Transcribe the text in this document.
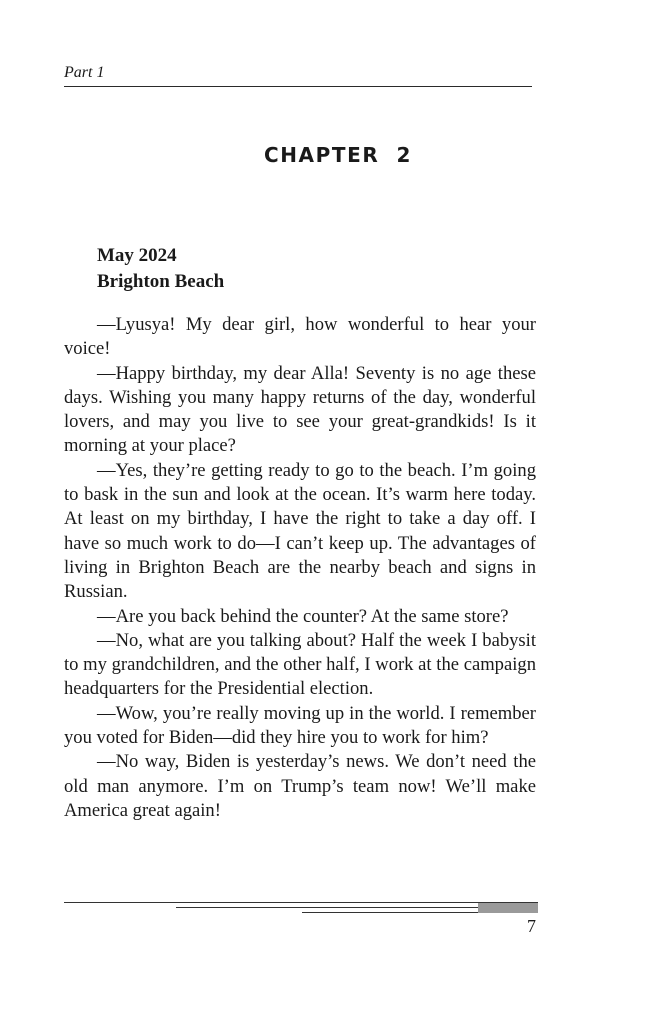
Part 1
CHAPTER  2
May 2024
Brighton Beach

—Lyusya! My dear girl, how wonderful to hear your voice!

—Happy birthday, my dear Alla! Seventy is no age these days. Wishing you many happy returns of the day, wonderful lovers, and may you live to see your great-grandkids! Is it morning at your place?

—Yes, they’re getting ready to go to the beach. I’m going to bask in the sun and look at the ocean. It’s warm here today. At least on my birthday, I have the right to take a day off. I have so much work to do—I can’t keep up. The advantages of living in Brighton Beach are the nearby beach and signs in Russian.

—Are you back behind the counter? At the same store?

—No, what are you talking about? Half the week I babysit to my grandchildren, and the other half, I work at the campaign headquarters for the Presidential election.

—Wow, you’re really moving up in the world. I remember you voted for Biden—did they hire you to work for him?

—No way, Biden is yesterday’s news. We don’t need the old man anymore. I’m on Trump’s team now! We’ll make America great again!

7
